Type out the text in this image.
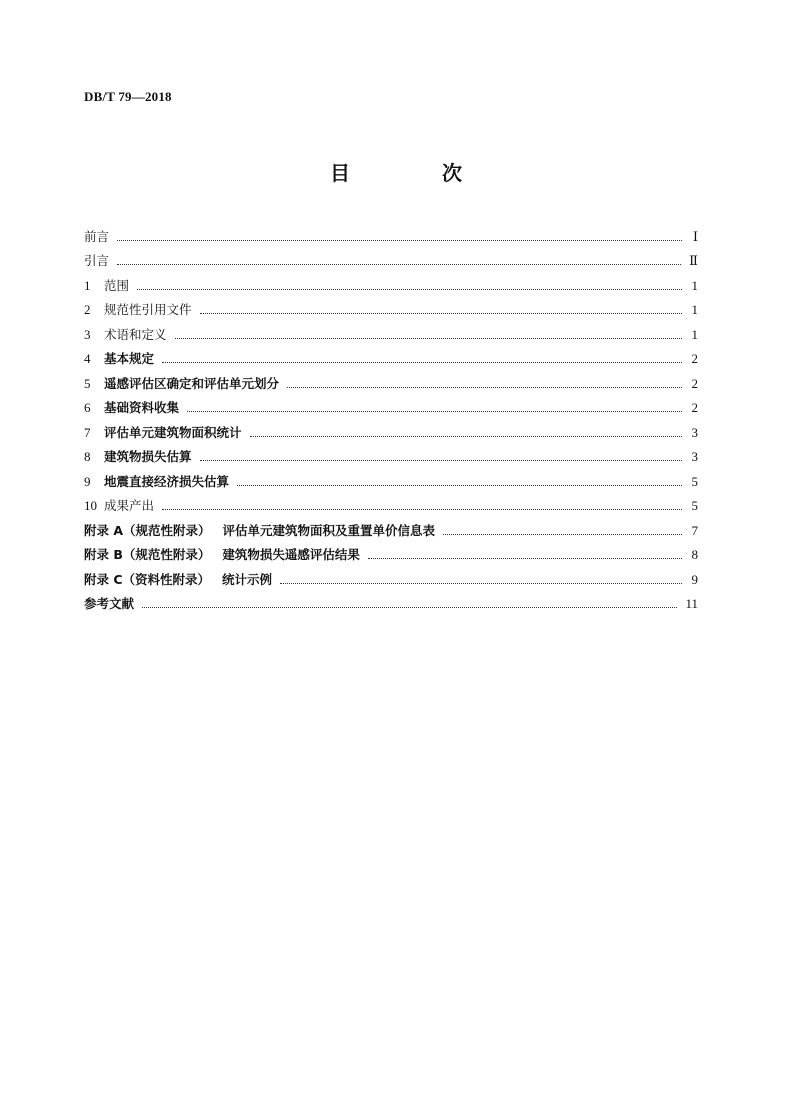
DB/T 79—2018
目　次
前言	Ⅰ
引言	Ⅱ
1	范围	1
2	规范性引用文件	1
3	术语和定义	1
4	基本规定	2
5	遥感评估区确定和评估单元划分	2
6	基础资料收集	2
7	评估单元建筑物面积统计	3
8	建筑物损失估算	3
9	地震直接经济损失估算	5
10 成果产出	5
附录 A（规范性附录） 评估单元建筑物面积及重置单价信息表	7
附录 B（规范性附录） 建筑物损失遥感评估结果	8
附录 C（资料性附录） 统计示例	9
参考文献	11
